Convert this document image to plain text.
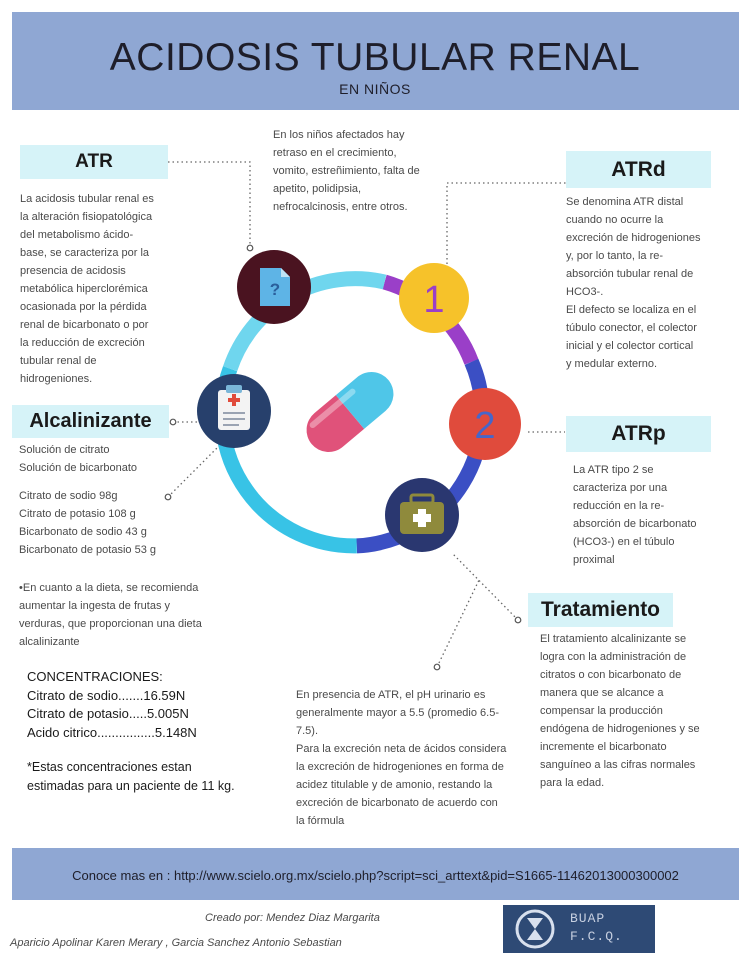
ACIDOSIS TUBULAR RENAL
EN NIÑOS
?	1
2
En los niños afectados hay
retraso en el crecimiento,
vomito, estreñimiento, falta de
apetito, polidipsia,
nefrocalcinosis, entre otros.
ATR
La acidosis tubular renal es
la alteración fisiopatológica
del metabolismo ácido-
base, se caracteriza por la
presencia de acidosis
metabólica hiperclorémica
ocasionada por la pérdida
renal de bicarbonato o por
la reducción de excreción
tubular renal de
hidrogeniones.
ATRd
Se denomina ATR distal
cuando no ocurre la
excreción de hidrogeniones
y, por lo tanto, la re-
absorción tubular renal de
HCO3-.
El defecto se localiza en el
túbulo conector, el colector
inicial y el colector cortical
y medular externo.
Alcalinizante
Solución de citrato
Solución de bicarbonato
Citrato de sodio 98g
Citrato de potasio 108 g
Bicarbonato de sodio 43 g
Bicarbonato de potasio 53 g
•En cuanto a la dieta, se recomienda
aumentar la ingesta de frutas y
verduras, que proporcionan una dieta
alcalinizante
ATRp
La ATR tipo 2 se
caracteriza por una
reducción en la re-
absorción de bicarbonato
(HCO3-) en el túbulo
proximal
CONCENTRACIONES:
Citrato de sodio.......16.59N
Citrato de potasio.....5.005N
Acido citrico................5.148N
*Estas concentraciones estan
estimadas para un paciente de 11 kg.
En presencia de ATR, el pH urinario es
generalmente mayor a 5.5 (promedio 6.5-
7.5).
Para la excreción neta de ácidos considera
la excreción de hidrogeniones en forma de
acidez titulable y de amonio, restando la
excreción de bicarbonato de acuerdo con
la fórmula
Tratamiento
El tratamiento alcalinizante se
logra con la administración de
citratos o con bicarbonato de
manera que se alcance a
compensar la producción
endógena de hidrogeniones y se
incremente el bicarbonato
sanguíneo a las cifras normales
para la edad.
Conoce mas en : http://www.scielo.org.mx/scielo.php?script=sci_arttext&pid=S1665-11462013000300002
Creado por: Mendez Diaz Margarita
Aparicio Apolinar Karen Merary , Garcia Sanchez Antonio Sebastian
BUAP
F.C.Q.
